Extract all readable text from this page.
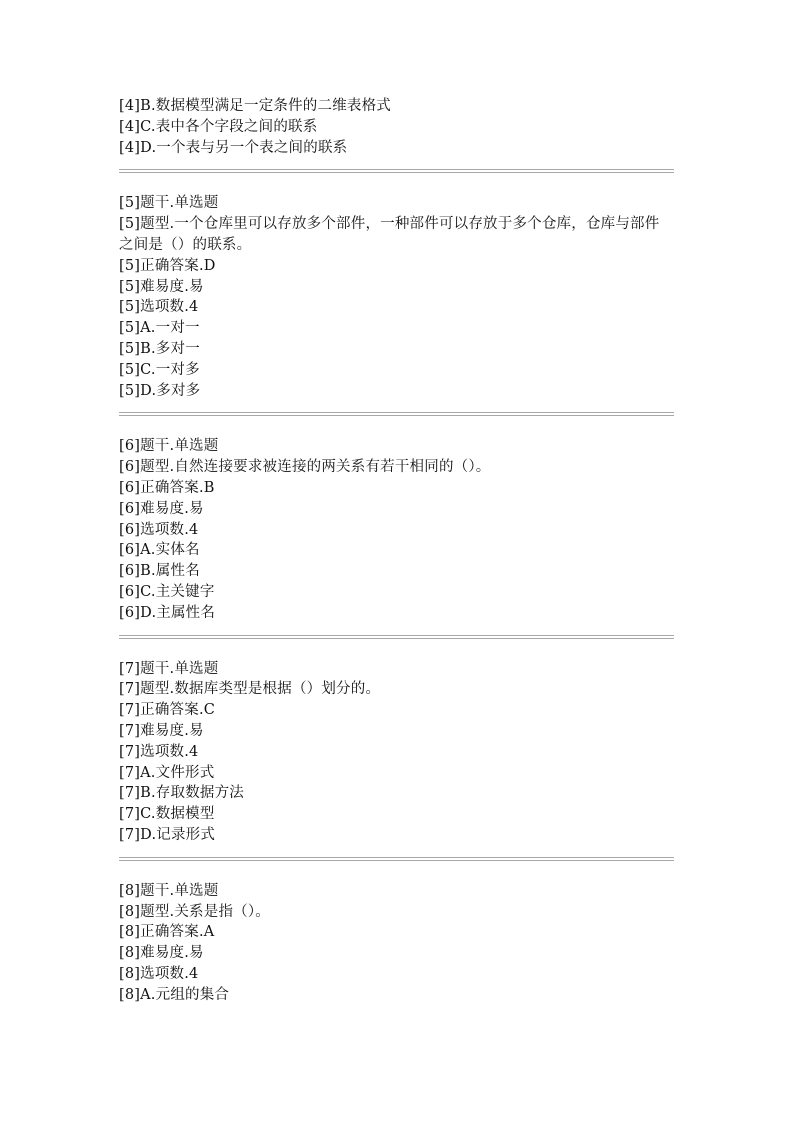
[4]B.数据模型满足一定条件的二维表格式
[4]C.表中各个字段之间的联系
[4]D.一个表与另一个表之间的联系
[5]题干.单选题
[5]题型.一个仓库里可以存放多个部件，一种部件可以存放于多个仓库，仓库与部件之间是（）的联系。
[5]正确答案.D
[5]难易度.易
[5]选项数.4
[5]A.一对一
[5]B.多对一
[5]C.一对多
[5]D.多对多
[6]题干.单选题
[6]题型.自然连接要求被连接的两关系有若干相同的（）。
[6]正确答案.B
[6]难易度.易
[6]选项数.4
[6]A.实体名
[6]B.属性名
[6]C.主关键字
[6]D.主属性名
[7]题干.单选题
[7]题型.数据库类型是根据（）划分的。
[7]正确答案.C
[7]难易度.易
[7]选项数.4
[7]A.文件形式
[7]B.存取数据方法
[7]C.数据模型
[7]D.记录形式
[8]题干.单选题
[8]题型.关系是指（）。
[8]正确答案.A
[8]难易度.易
[8]选项数.4
[8]A.元组的集合
